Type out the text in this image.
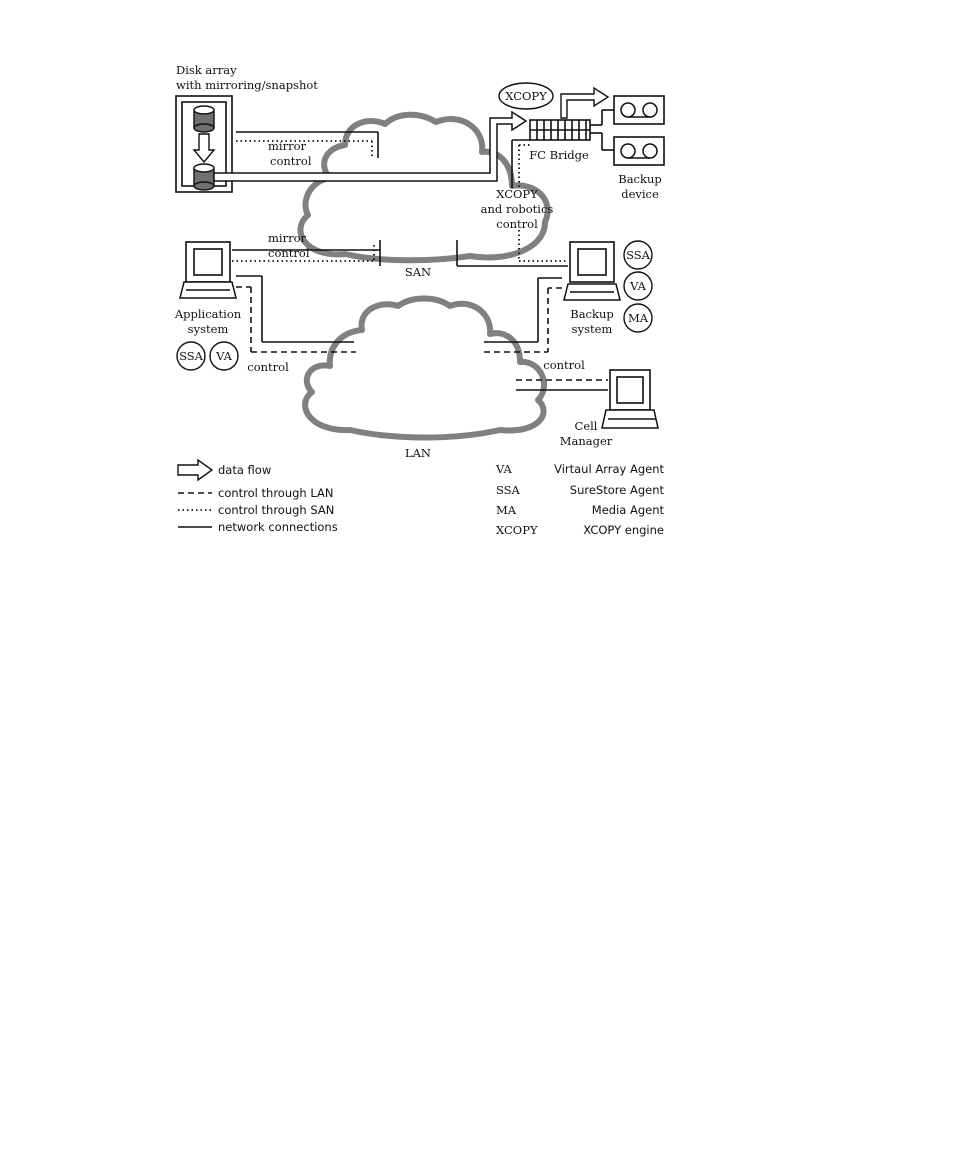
Disk array
with mirroring/snapshot
mirror
control
XCOPY
FC Bridge
Backup
device
XCOPY
and robotics
control
SAN
Application
system
SSA VA
mirror
control
control
Backup
system
SSA
VA
MA
control
Cell
Manager
LAN
data flow
control through LAN
control through SAN
network connections
VA	Virtaul Array Agent
SSA	SureStore Agent
MA	Media Agent
XCOPY	XCOPY engine
